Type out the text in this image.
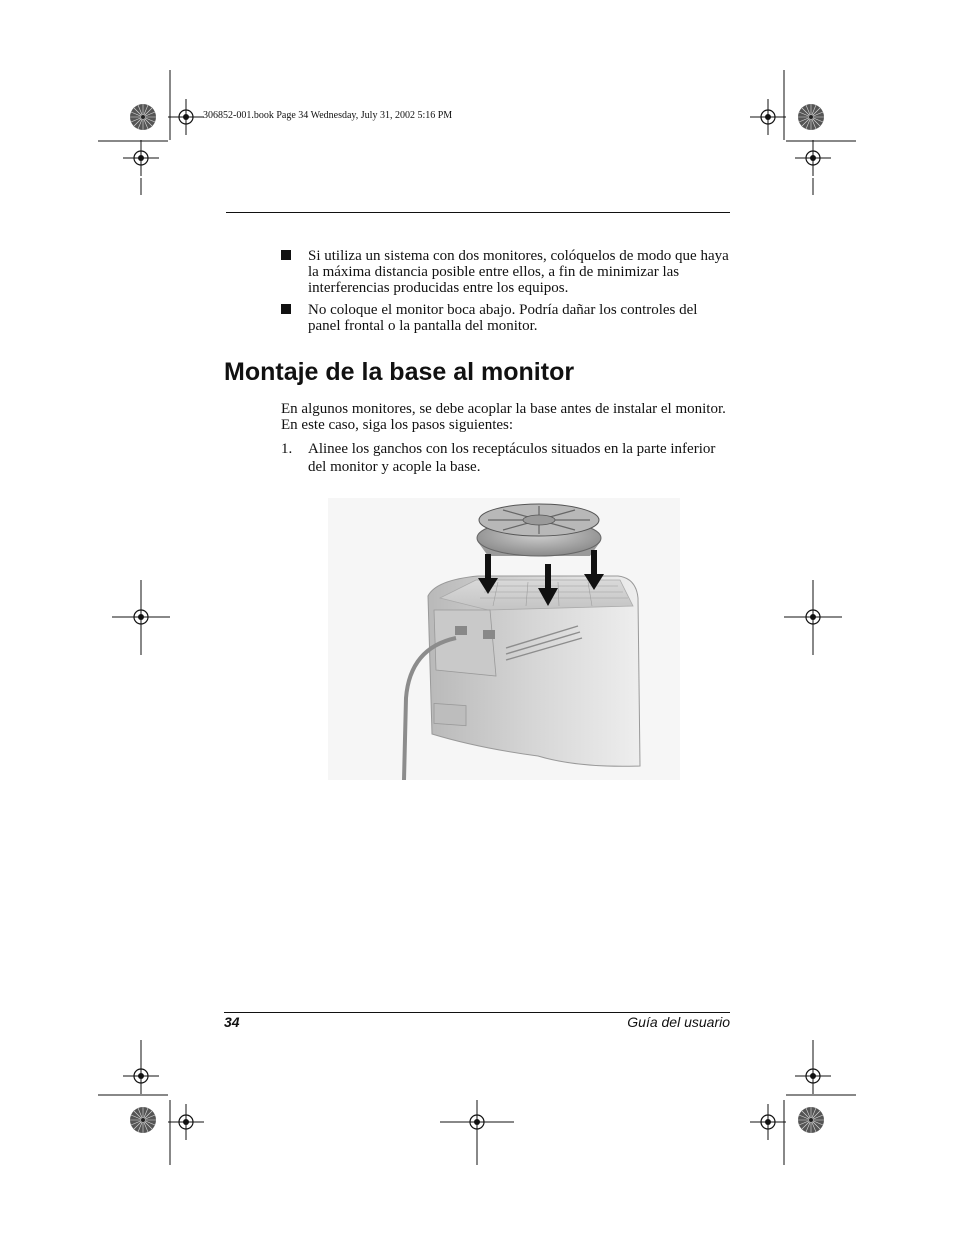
306852-001.book Page 34 Wednesday, July 31, 2002 5:16 PM
Si utiliza un sistema con dos monitores, colóquelos de modo que haya la máxima distancia posible entre ellos, a fin de minimizar las interferencias producidas entre los equipos.
No coloque el monitor boca abajo. Podría dañar los controles del panel frontal o la pantalla del monitor.
Montaje de la base al monitor
En algunos monitores, se debe acoplar la base antes de instalar el monitor. En este caso, siga los pasos siguientes:
1. Alinee los ganchos con los receptáculos situados en la parte inferior del monitor y acople la base.
34	Guía del usuario
